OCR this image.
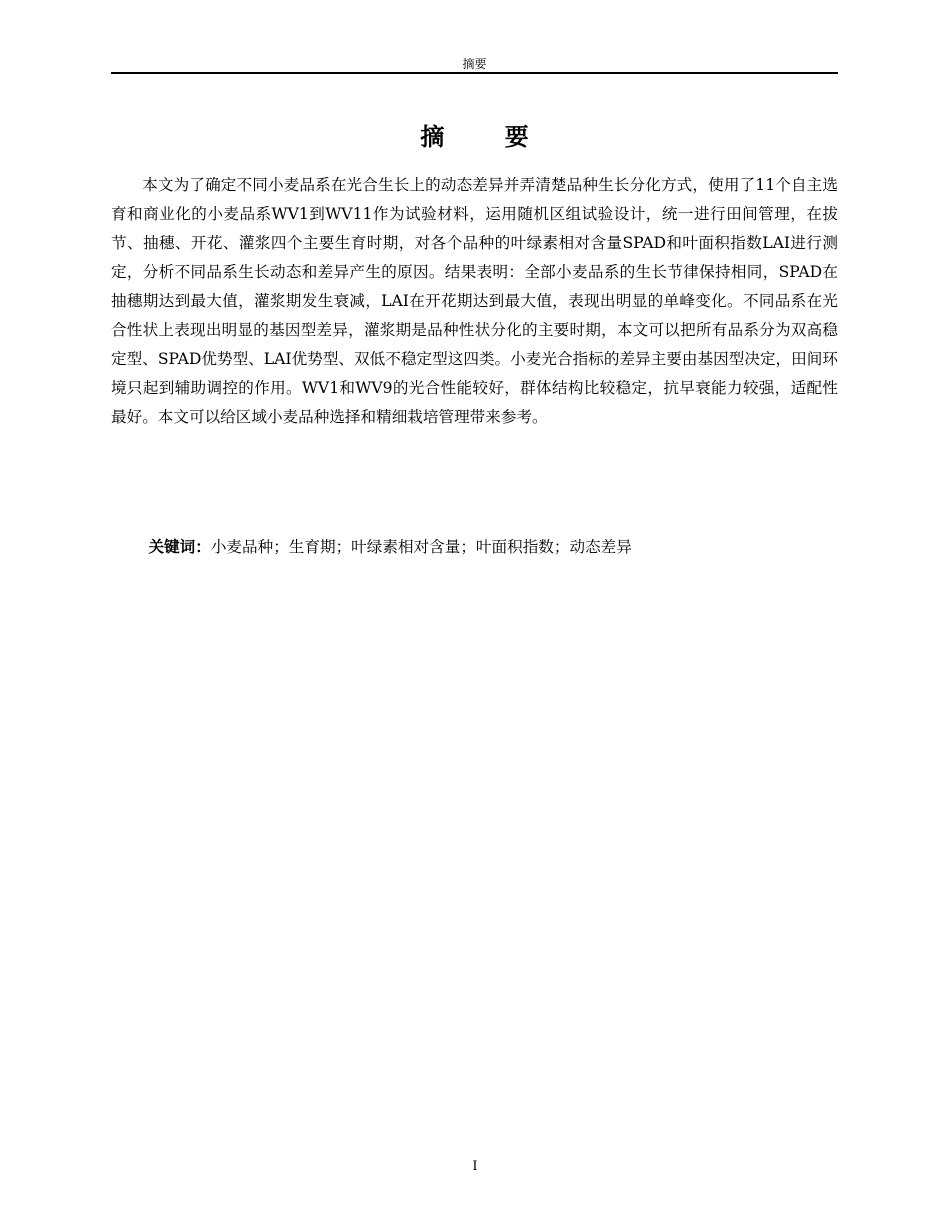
摘要
摘 要

本文为了确定不同小麦品系在光合生长上的动态差异并弄清楚品种生长分化方式，使用了11个自主选育和商业化的小麦品系WV1到WV11作为试验材料，运用随机区组试验设计，统一进行田间管理，在拔节、抽穗、开花、灌浆四个主要生育时期，对各个品种的叶绿素相对含量SPAD和叶面积指数LAI进行测定，分析不同品系生长动态和差异产生的原因。结果表明：全部小麦品系的生长节律保持相同，SPAD在抽穗期达到最大值，灌浆期发生衰减，LAI在开花期达到最大值，表现出明显的单峰变化。不同品系在光合性状上表现出明显的基因型差异，灌浆期是品种性状分化的主要时期，本文可以把所有品系分为双高稳定型、SPAD优势型、LAI优势型、双低不稳定型这四类。小麦光合指标的差异主要由基因型决定，田间环境只起到辅助调控的作用。WV1和WV9的光合性能较好，群体结构比较稳定，抗早衰能力较强，适配性最好。本文可以给区域小麦品种选择和精细栽培管理带来参考。

关键词：小麦品种；生育期；叶绿素相对含量；叶面积指数；动态差异

I
